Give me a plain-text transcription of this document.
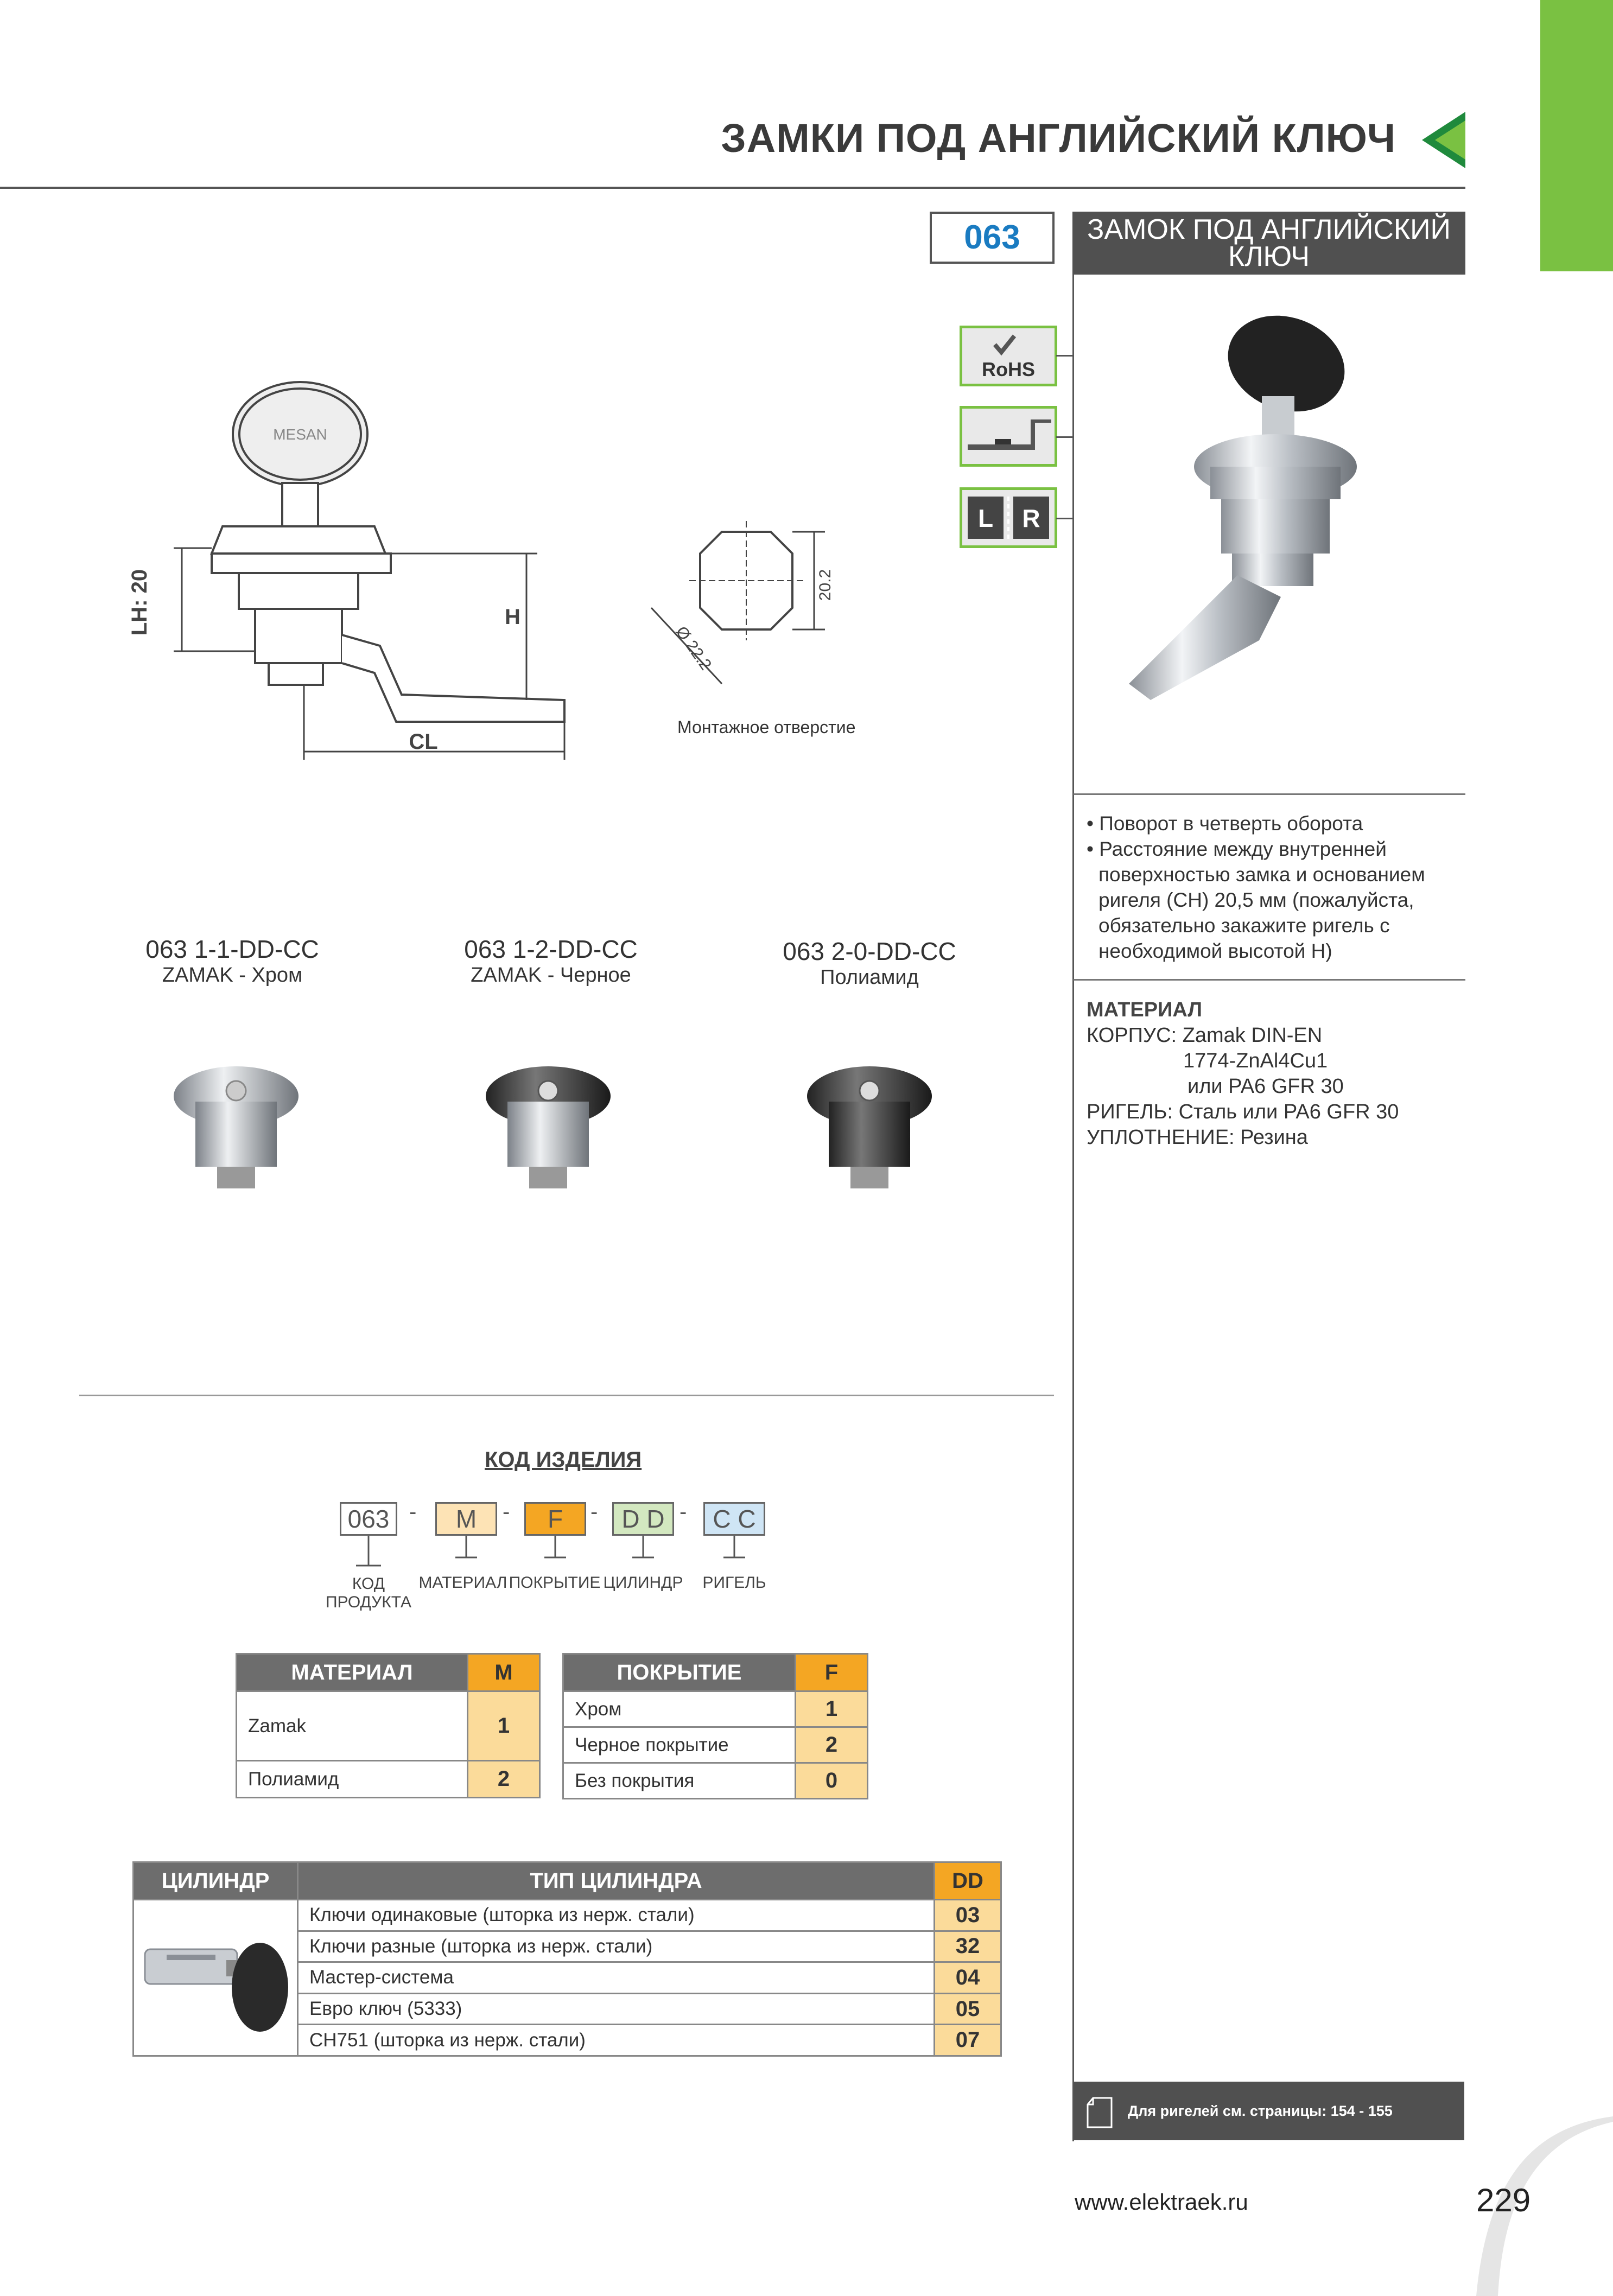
ЗАМКИ ПОД АНГЛИЙСКИЙ КЛЮЧ
063	ЗАМОК ПОД АНГЛИЙСКИЙ
КЛЮЧ
RoHS
L R
• Поворот в четверть оборота
• Расстояние между внутренней поверхностью замка и основанием ригеля (CH) 20,5 мм (пожалуйста, обязательно закажите ригель с необходимой высотой H)
МАТЕРИАЛ
КОРПУС: Zamak DIN-EN
1774-ZnAl4Cu1
или PA6 GFR 30
РИГЕЛЬ: Сталь или PA6 GFR 30
УПЛОТНЕНИЕ: Резина
LH: 20	H
CL
MESAN
20.2
Ø 22.2
Монтажное отверстие
063 1-1-DD-CC
ZAMAK - Хром
063 1-2-DD-CC
ZAMAK - Черное
063 2-0-DD-CC
Полиамид
КОД ИЗДЕЛИЯ
063 -	M	-	F	- D D -	C C
КОД ПРОДУКТА
МАТЕРИАЛ ПОКРЫТИЕ ЦИЛИНДР	РИГЕЛЬ
МАТЕРИАЛ	M
Zamak	1
Полиамид	2
ПОКРЫТИЕ	F
Хром	1
Черное покрытие	2
Без покрытия	0
ЦИЛИНДР	ТИП ЦИЛИНДРА	DD
	Ключи одинаковые (шторка из нерж. стали)	03
	Ключи разные (шторка из нерж. стали)	32
	Мастер-система	04
	Евро ключ (5333)	05
	CH751 (шторка из нерж. стали)	07
Для ригелей см. страницы: 154 - 155
www.elektraek.ru	229
